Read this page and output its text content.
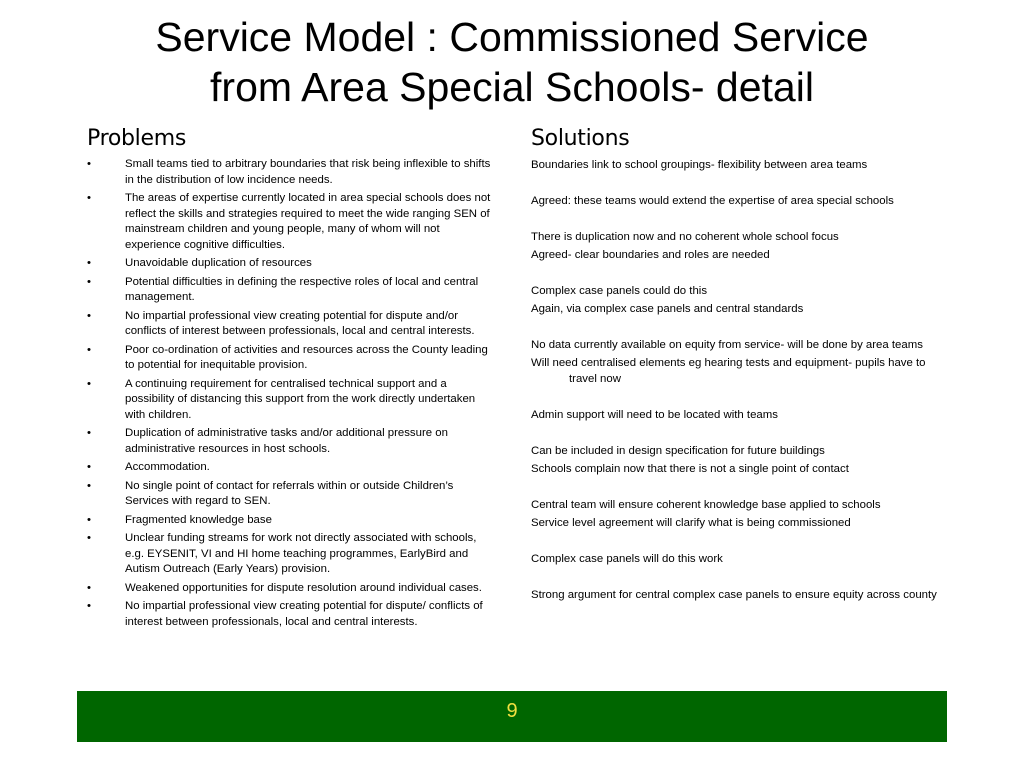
Service Model : Commissioned Service
from Area Special Schools- detail
Problems
•	Small teams tied to arbitrary boundaries that risk being inflexible to shifts in the distribution of low incidence needs.
•	The areas of expertise currently located in area special schools does not reflect the skills and strategies required to meet the wide ranging SEN of mainstream children and young people, many of whom will not experience cognitive difficulties.
•	Unavoidable duplication of resources
•	Potential difficulties in defining the respective roles of local and central management.
•	No impartial professional view creating potential for dispute and/or conflicts of interest between professionals, local and central interests.
•	Poor co-ordination of activities and resources across the County leading to potential for inequitable provision.
•	A continuing requirement for centralised technical support and a possibility of distancing this support from the work directly undertaken with children.
•	Duplication of administrative tasks and/or additional pressure on administrative resources in host schools.
•	Accommodation.
•	No single point of contact for referrals within or outside Children’s Services with regard to SEN.
•	Fragmented knowledge base
•	Unclear funding streams for work not directly associated with schools, e.g. EYSENIT, VI and HI home teaching programmes, EarlyBird and Autism Outreach (Early Years) provision.
•	Weakened opportunities for dispute resolution around individual cases.
•	No impartial professional view creating potential for dispute/ conflicts of interest between professionals, local and central interests.
Solutions
Boundaries link to school groupings- flexibility between area teams
Agreed: these teams would extend the expertise of area special schools
There is duplication now and no coherent whole school focus
Agreed- clear boundaries and roles are needed
Complex case panels could do this
Again, via complex case panels and central standards
No data currently available on equity from service- will be done by area teams
Will need centralised elements eg hearing tests and equipment- pupils have to travel now
Admin support will need to be located with teams
Can be included in design specification for future buildings
Schools complain now that there is not a single point of contact
Central team will ensure coherent knowledge base applied to schools
Service level agreement will clarify what is being commissioned
Complex case panels will do this work
Strong argument for central complex case panels to ensure equity across county
9
